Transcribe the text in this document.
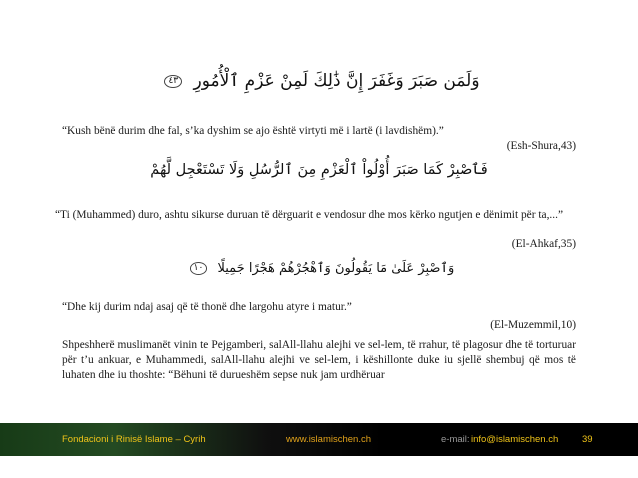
وَلَمَن صَبَرَ وَغَفَرَ إِنَّ ذَٰلِكَ لَمِنْ عَزْمِ ٱلْأُمُورِ ٤٣
“Kush bënë durim dhe fal, s’ka dyshim se ajo është virtyti më i lartë (i lavdishëm).”
(Esh-Shura,43)
فَٱصْبِرْ كَمَا صَبَرَ أُوْلُواْ ٱلْعَزْمِ مِنَ ٱلرُّسُلِ وَلَا تَسْتَعْجِل لَّهُمْ
“Ti (Muhammed) duro, ashtu sikurse duruan të dërguarit e vendosur dhe mos kërko ngutjen e dënimit për ta,...”
(El-Ahkaf,35)
وَٱصْبِرْ عَلَىٰ مَا يَقُولُونَ وَٱهْجُرْهُمْ هَجْرًا جَمِيلًا ١٠
“Dhe kij durim ndaj asaj që të thonë dhe largohu atyre i matur.”
(El-Muzemmil,10)
Shpeshherë muslimanët vinin te Pejgamberi, salAll-llahu alejhi ve sel-lem, të rrahur, të plagosur dhe të torturuar për t’u ankuar, e Muhammedi, salAll-llahu alejhi ve sel-lem, i këshillonte duke iu sjellë shembuj që mos të luhaten dhe iu thoshte: “Bëhuni të durueshëm sepse nuk jam urdhëruar
Fondacioni i Rinisë Islame – Cyrih	www.islamischen.ch	e-mail: info@islamischen.ch 39
